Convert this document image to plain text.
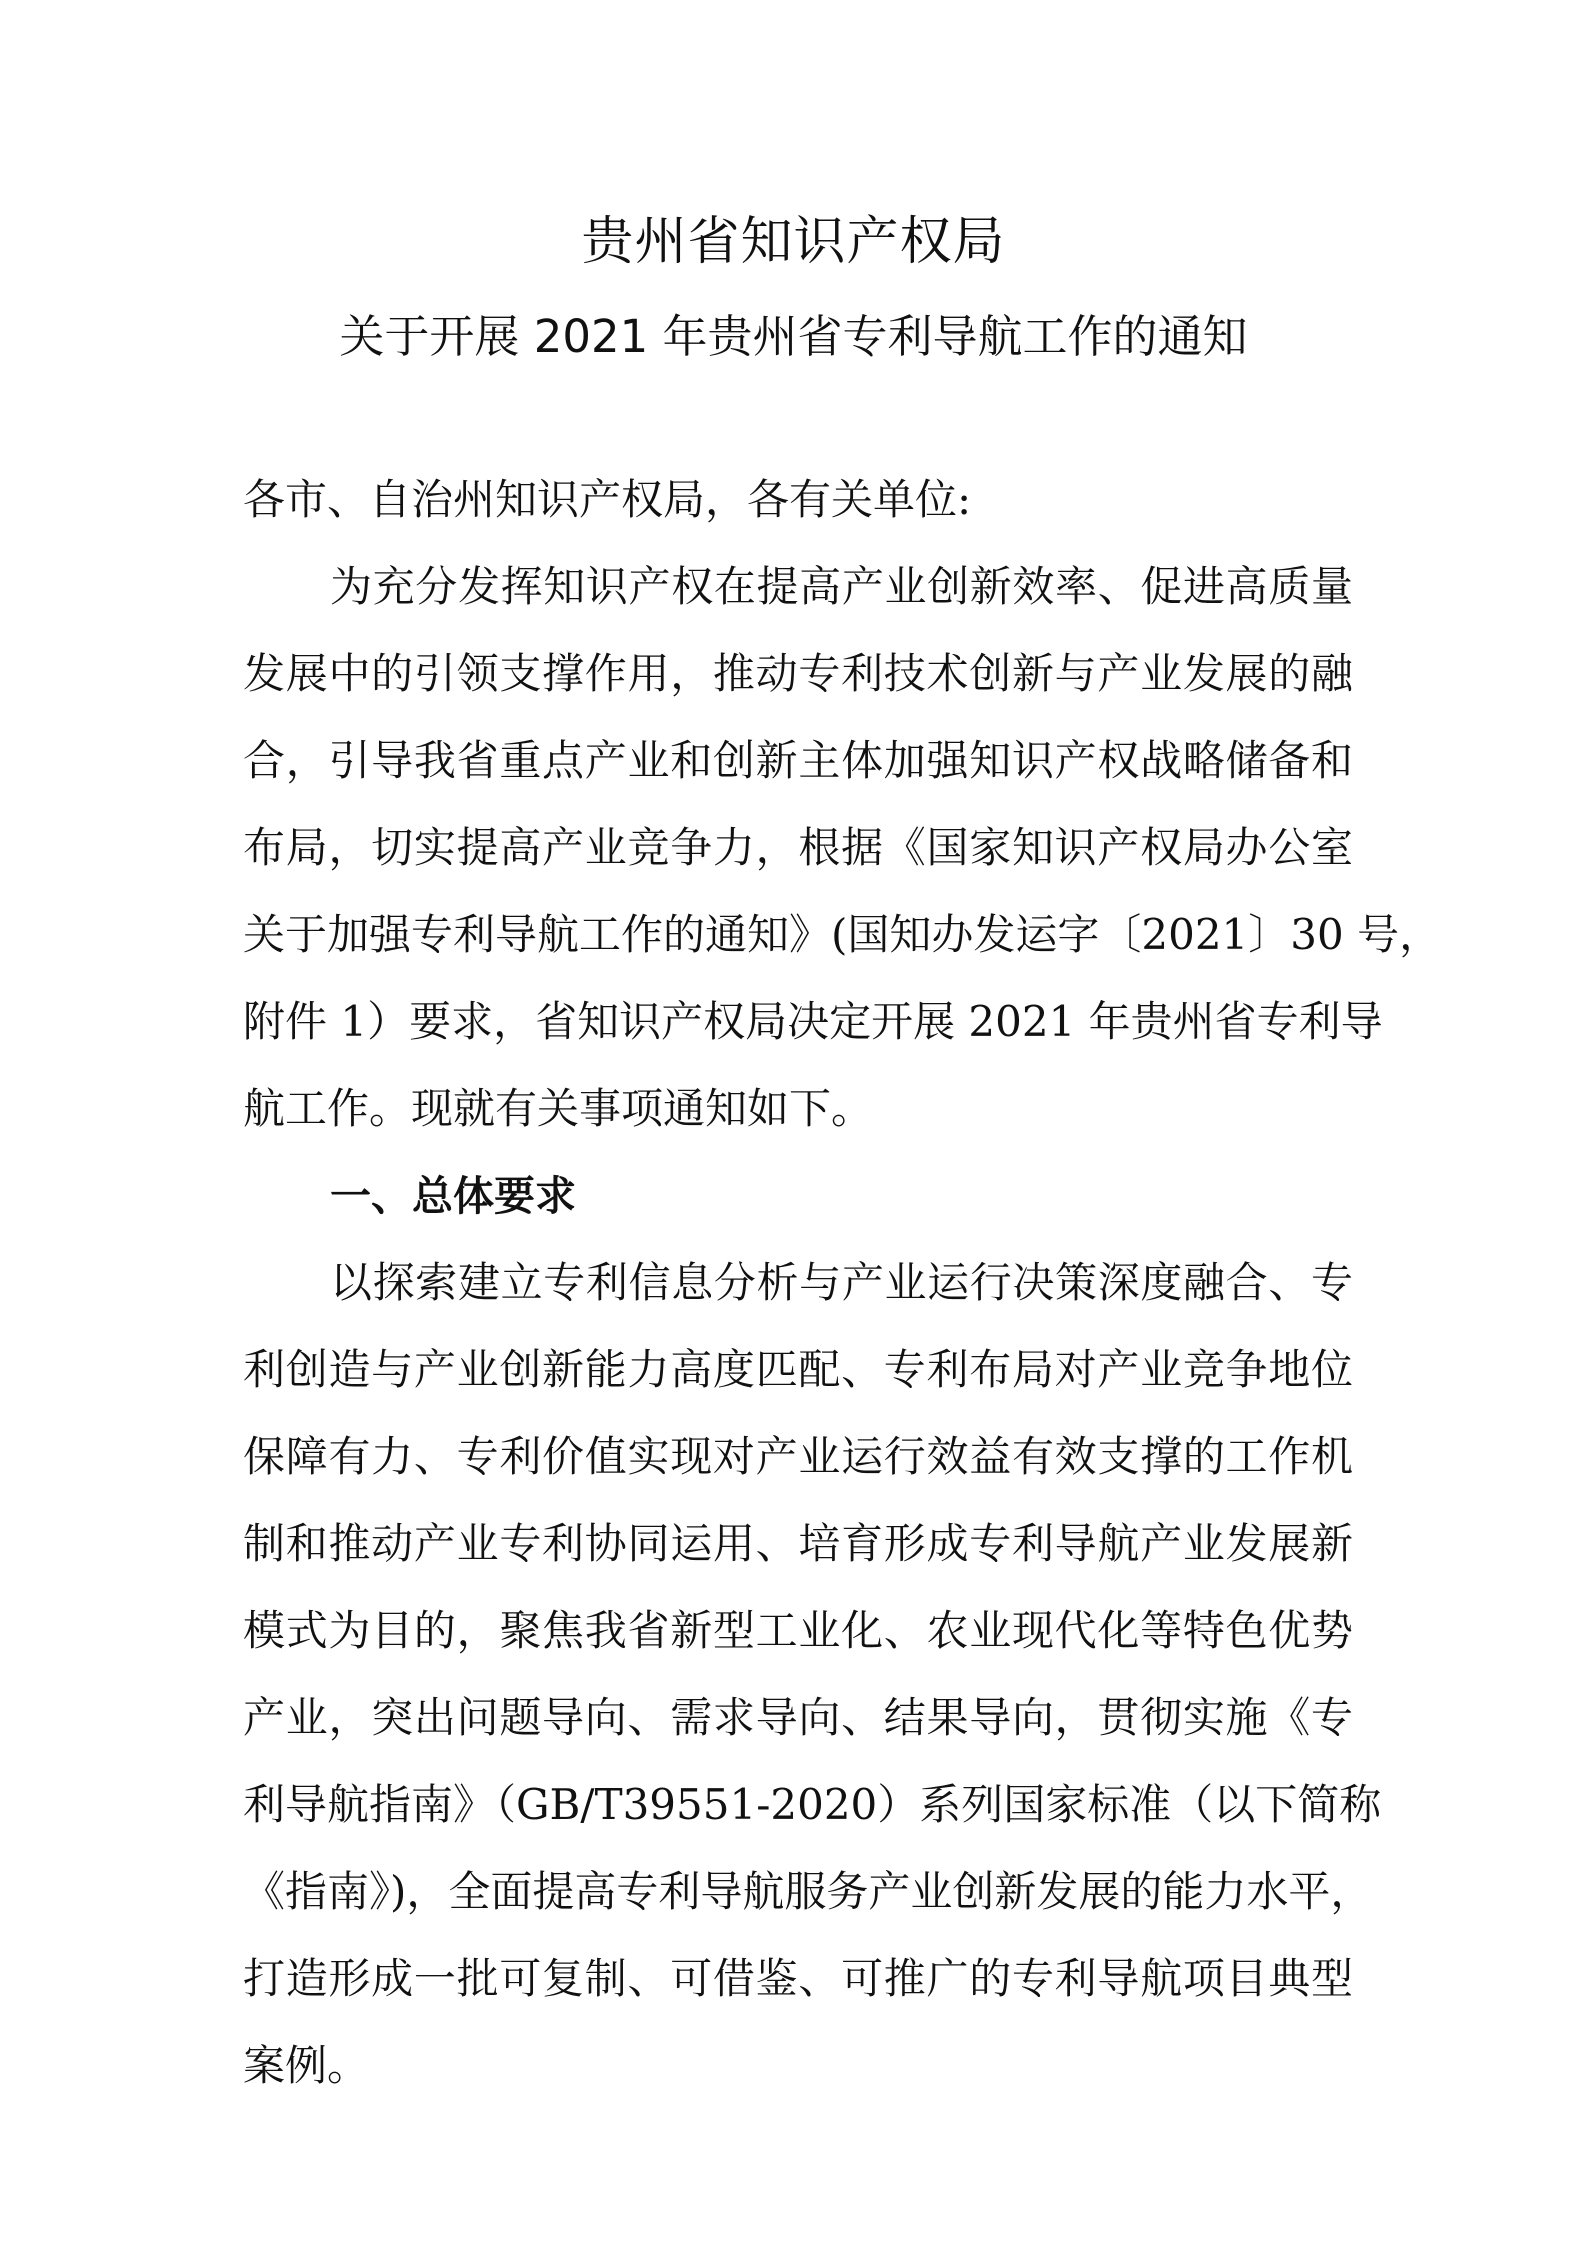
贵州省知识产权局
关于开展 2021 年贵州省专利导航工作的通知

各市、自治州知识产权局，各有关单位:

为充分发挥知识产权在提高产业创新效率、促进高质量

发展中的引领支撑作用，推动专利技术创新与产业发展的融

合，引导我省重点产业和创新主体加强知识产权战略储备和

布局，切实提高产业竞争力，根据《国家知识产权局办公室

关于加强专利导航工作的通知》(国知办发运字〔2021〕30 号，

附件 1）要求，省知识产权局决定开展 2021 年贵州省专利导

航工作。现就有关事项通知如下。

一、总体要求

以探索建立专利信息分析与产业运行决策深度融合、专

利创造与产业创新能力高度匹配、专利布局对产业竞争地位

保障有力、专利价值实现对产业运行效益有效支撑的工作机

制和推动产业专利协同运用、培育形成专利导航产业发展新

模式为目的，聚焦我省新型工业化、农业现代化等特色优势

产业，突出问题导向、需求导向、结果导向，贯彻实施《专

利导航指南》（GB/T39551-2020）系列国家标准（以下简称

《指南》)，全面提高专利导航服务产业创新发展的能力水平，

打造形成一批可复制、可借鉴、可推广的专利导航项目典型

案例。
